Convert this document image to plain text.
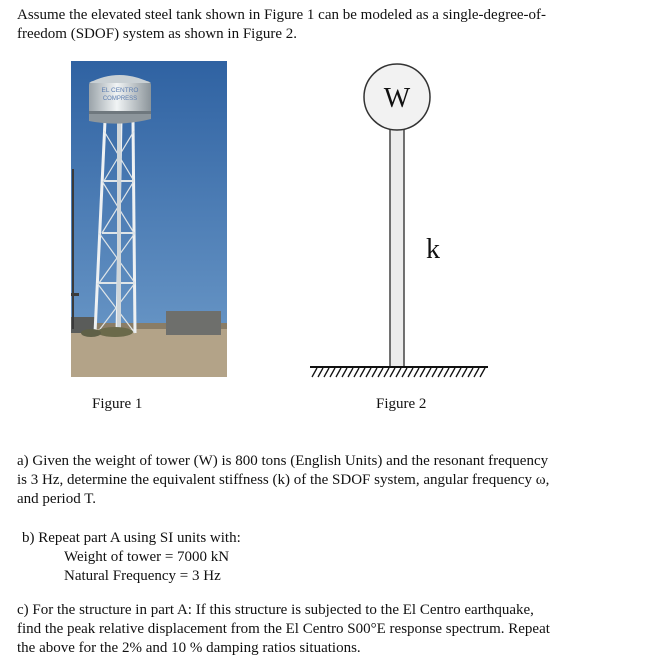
Assume the elevated steel tank shown in Figure 1 can be modeled as a single-degree-of-
freedom (SDOF) system as shown in Figure 2.
EL CENTRO
COMPRESS	W
k
Figure 1	Figure 2
a) Given the weight of tower (W) is 800 tons (English Units) and the resonant frequency
is 3 Hz, determine the equivalent stiffness (k) of the SDOF system, angular frequency ω,
and period T.
b) Repeat part A using SI units with:
Weight of tower = 7000 kN
Natural Frequency = 3 Hz
c) For the structure in part A: If this structure is subjected to the El Centro earthquake,
find the peak relative displacement from the El Centro S00°E response spectrum. Repeat
the above for the 2% and 10 % damping ratios situations.
